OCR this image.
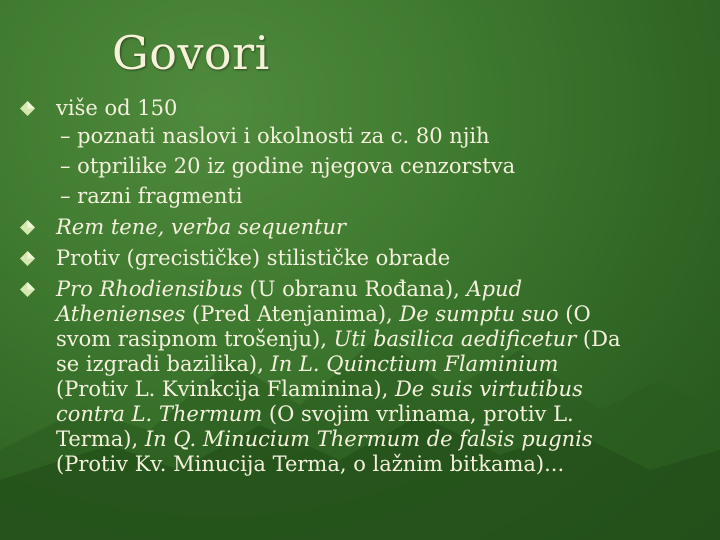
Govori
više od 150
– poznati naslovi i okolnosti za c. 80 njih
– otprilike 20 iz godine njegova cenzorstva
– razni fragmenti
Rem tene, verba sequentur
Protiv (grecističke) stilističke obrade
Pro Rhodiensibus (U obranu Rođana), Apud
Athenienses (Pred Atenjanima), De sumptu suo (O
svom rasipnom trošenju), Uti basilica aedificetur (Da
se izgradi bazilika), In L. Quinctium Flaminium
(Protiv L. Kvinkcija Flaminina), De suis virtutibus
contra L. Thermum (O svojim vrlinama, protiv L.
Terma), In Q. Minucium Thermum de falsis pugnis
(Protiv Kv. Minucija Terma, o lažnim bitkama)...
